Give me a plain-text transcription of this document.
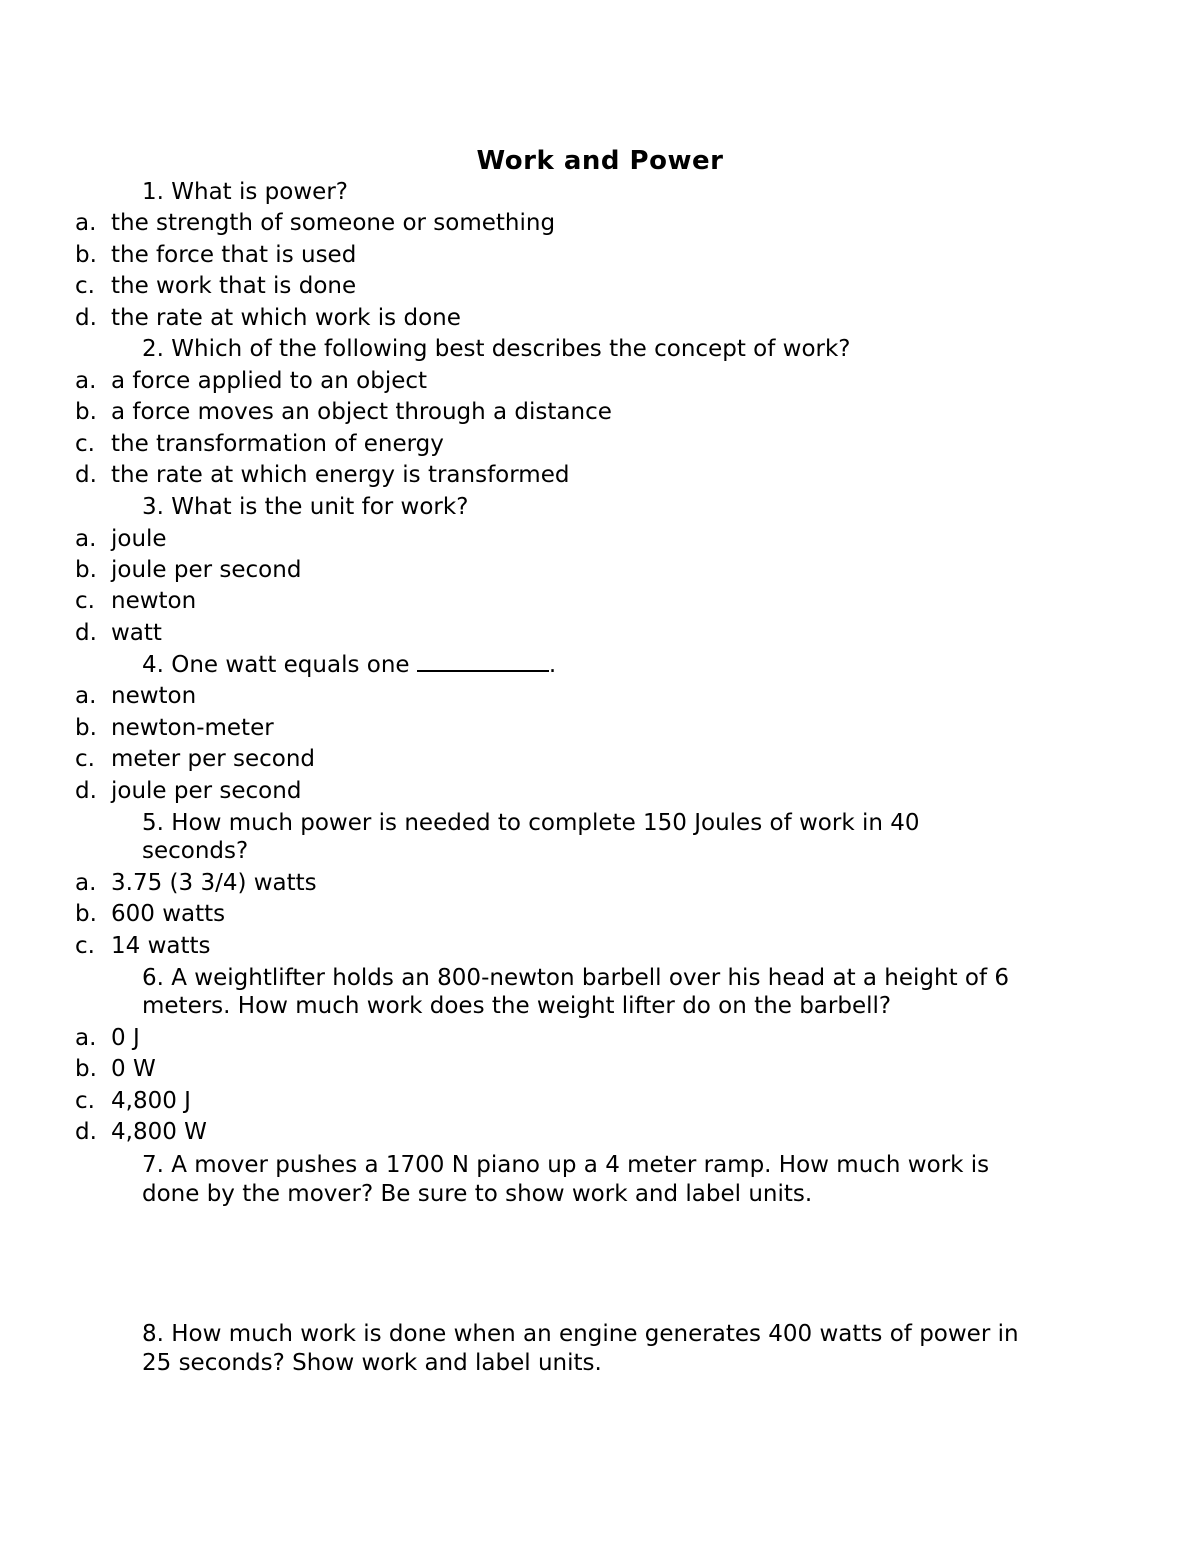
Work and Power
1. What is power?
a. the strength of someone or something
b. the force that is used
c. the work that is done
d. the rate at which work is done
2. Which of the following best describes the concept of work?
a. a force applied to an object
b. a force moves an object through a distance
c. the transformation of energy
d. the rate at which energy is transformed
3. What is the unit for work?
a. joule
b. joule per second
c. newton
d. watt
4. One watt equals one	.
a. newton
b. newton-meter
c. meter per second
d. joule per second
5. How much power is needed to complete 150 Joules of work in 40
seconds?
a. 3.75 (3 3/4) watts
b. 600 watts
c. 14 watts
6. A weightlifter holds an 800-newton barbell over his head at a height of 6
meters. How much work does the weight lifter do on the barbell?
a. 0 J
b. 0 W
c. 4,800 J
d. 4,800 W
7. A mover pushes a 1700 N piano up a 4 meter ramp. How much work is
done by the mover? Be sure to show work and label units.
8. How much work is done when an engine generates 400 watts of power in
25 seconds? Show work and label units.
